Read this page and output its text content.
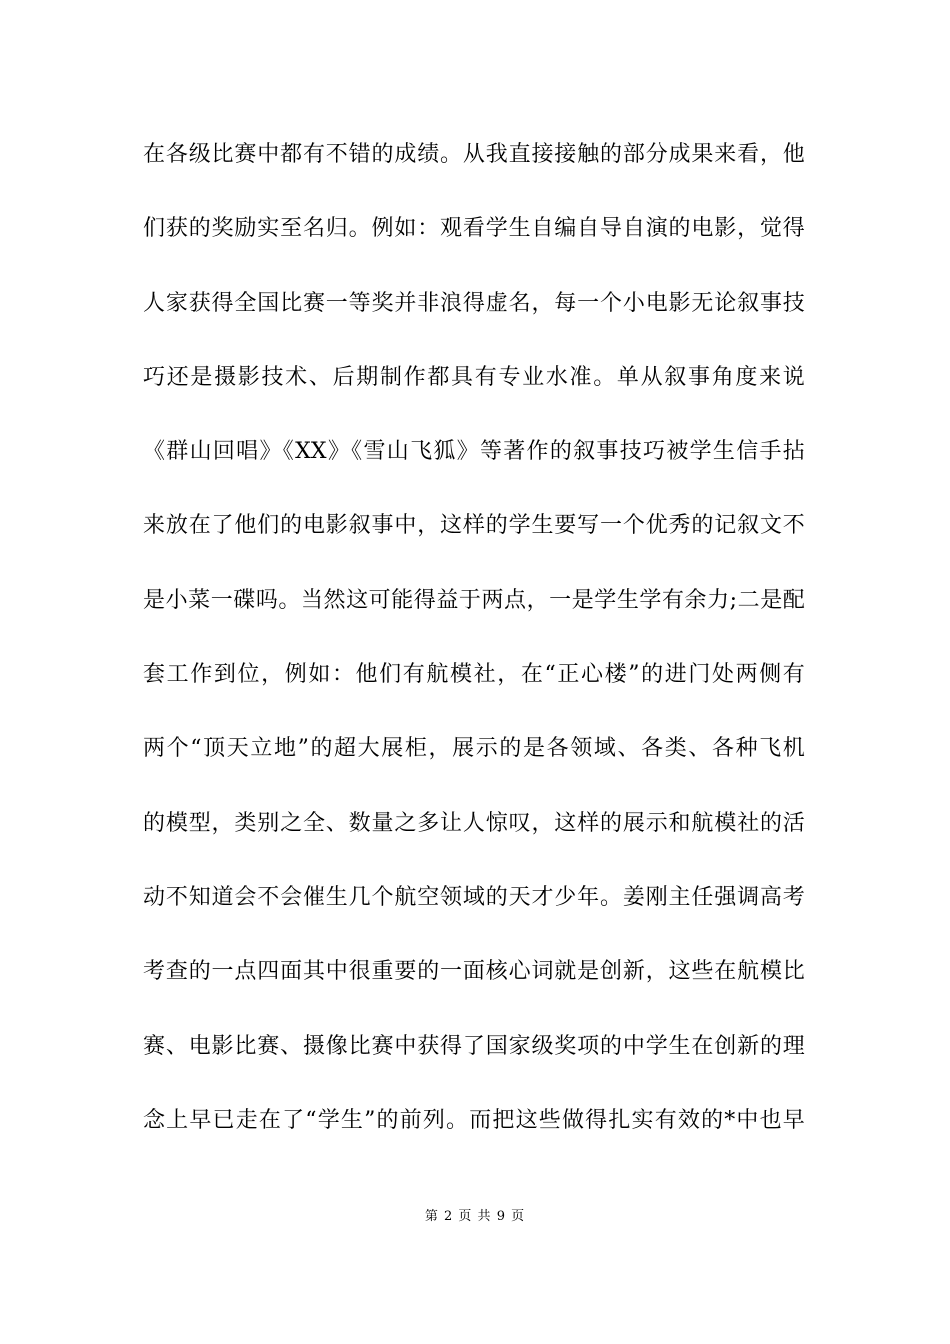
在各级比赛中都有不错的成绩。从我直接接触的部分成果来看，他
们获的奖励实至名归。例如：观看学生自编自导自演的电影，觉得
人家获得全国比赛一等奖并非浪得虚名，每一个小电影无论叙事技
巧还是摄影技术、后期制作都具有专业水准。单从叙事角度来说
《群山回唱》《XX》《雪山飞狐》等著作的叙事技巧被学生信手拈
来放在了他们的电影叙事中，这样的学生要写一个优秀的记叙文不
是小菜一碟吗。当然这可能得益于两点，一是学生学有余力;二是配
套工作到位，例如：他们有航模社，在“正心楼”的进门处两侧有
两个“顶天立地”的超大展柜，展示的是各领域、各类、各种飞机
的模型，类别之全、数量之多让人惊叹，这样的展示和航模社的活
动不知道会不会催生几个航空领域的天才少年。姜刚主任强调高考
考查的一点四面其中很重要的一面核心词就是创新，这些在航模比
赛、电影比赛、摄像比赛中获得了国家级奖项的中学生在创新的理
念上早已走在了“学生”的前列。而把这些做得扎实有效的*中也早
第 2 页 共 9 页
